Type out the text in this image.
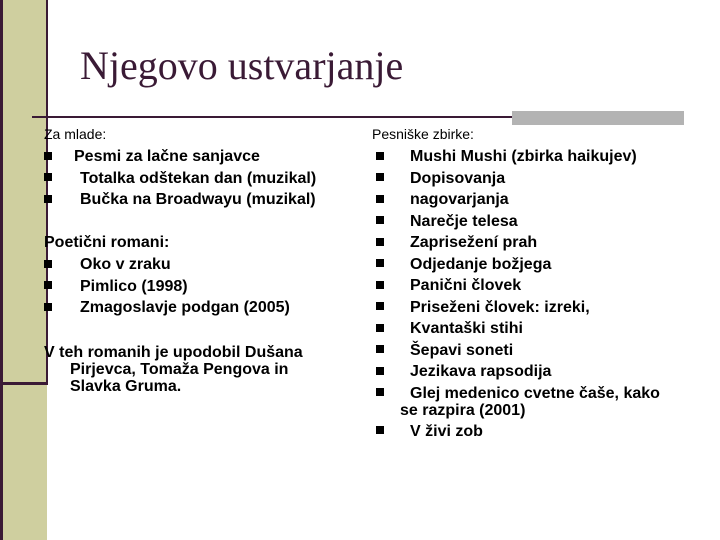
Njegovo ustvarjanje
Za mlade:
Pesmi za lačne sanjavce
Totalka odštekan dan (muzikal)
Bučka na Broadwayu (muzikal)
Poetični romani:
Oko v zraku
Pimlico (1998)
Zmagoslavje podgan (2005)
V teh romanih je upodobil Dušana
Pirjevca, Tomaža Pengova in
Slavka Gruma.
Pesniške zbirke:
Mushi Mushi (zbirka haikujev)
Dopisovanja
nagovarjanja
Narečje telesa
Zaprisežení prah
Odjedanje božjega
Panični človek
Priseženi človek: izreki,
Kvantaški stihi
Šepavi soneti
Jezikava rapsodija
Glej medenico cvetne čaše, kako
se razpira (2001)
V živi zob
